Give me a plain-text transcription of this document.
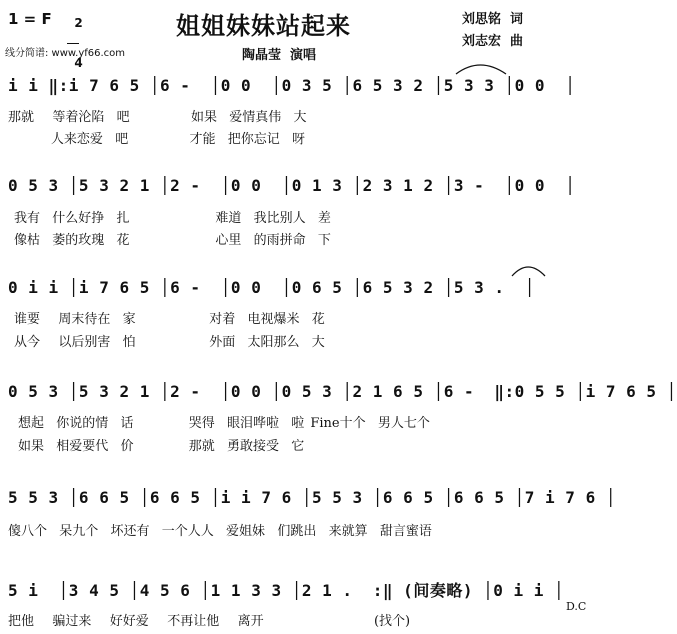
1 = F	2

4

线分简谱: www.yf66.com
姐姐妹妹站起来	刘思铭  词
刘志宏  曲
陶晶莹  演唱
i i ‖:i 7 6 5 │6 -  │0 0  │0 3 5 │6 5 3 2 │5 3 3 │0 0  │
那就   等着沦陷  吧          如果  爱情真伟  大
人来恋爱  吧          才能  把你忘记  呀
0 5 3 │5 3 2 1 │2 -  │0 0  │0 1 3 │2 3 1 2 │3 -  │0 0  │
我有  什么好挣  扎              难道  我比别人  差
像枯  萎的玫瑰  花              心里  的雨拼命  下
0 i i │i 7 6 5 │6 -  │0 0  │0 6 5 │6 5 3 2 │5 3 .  │
谁要   周末待在  家            对着  电视爆米  花
从今   以后别害  怕            外面  太阳那么  大
0 5 3 │5 3 2 1 │2 -  │0 0 │0 5 3 │2 1 6 5 │6 -  ‖:0 5 5 │i 7 6 5 │
想起  你说的情  话         哭得  眼泪哗啦  啦 Fine十个  男人七个
如果  相爱要代  价         那就  勇敢接受  它
5 5 3 │6 6 5 │6 6 5 │i i 7 6 │5 5 3 │6 6 5 │6 6 5 │7 i 7 6 │
傻八个  呆九个  坏还有  一个人人  爱姐妹  们跳出  来就算  甜言蜜语
5 i  │3 4 5 │4 5 6 │1 1 3 3 │2 1 .  :‖ (间奏略) │0 i i │
把他   骗过来   好好爱   不再让他   离开                  (找个)
D.C
